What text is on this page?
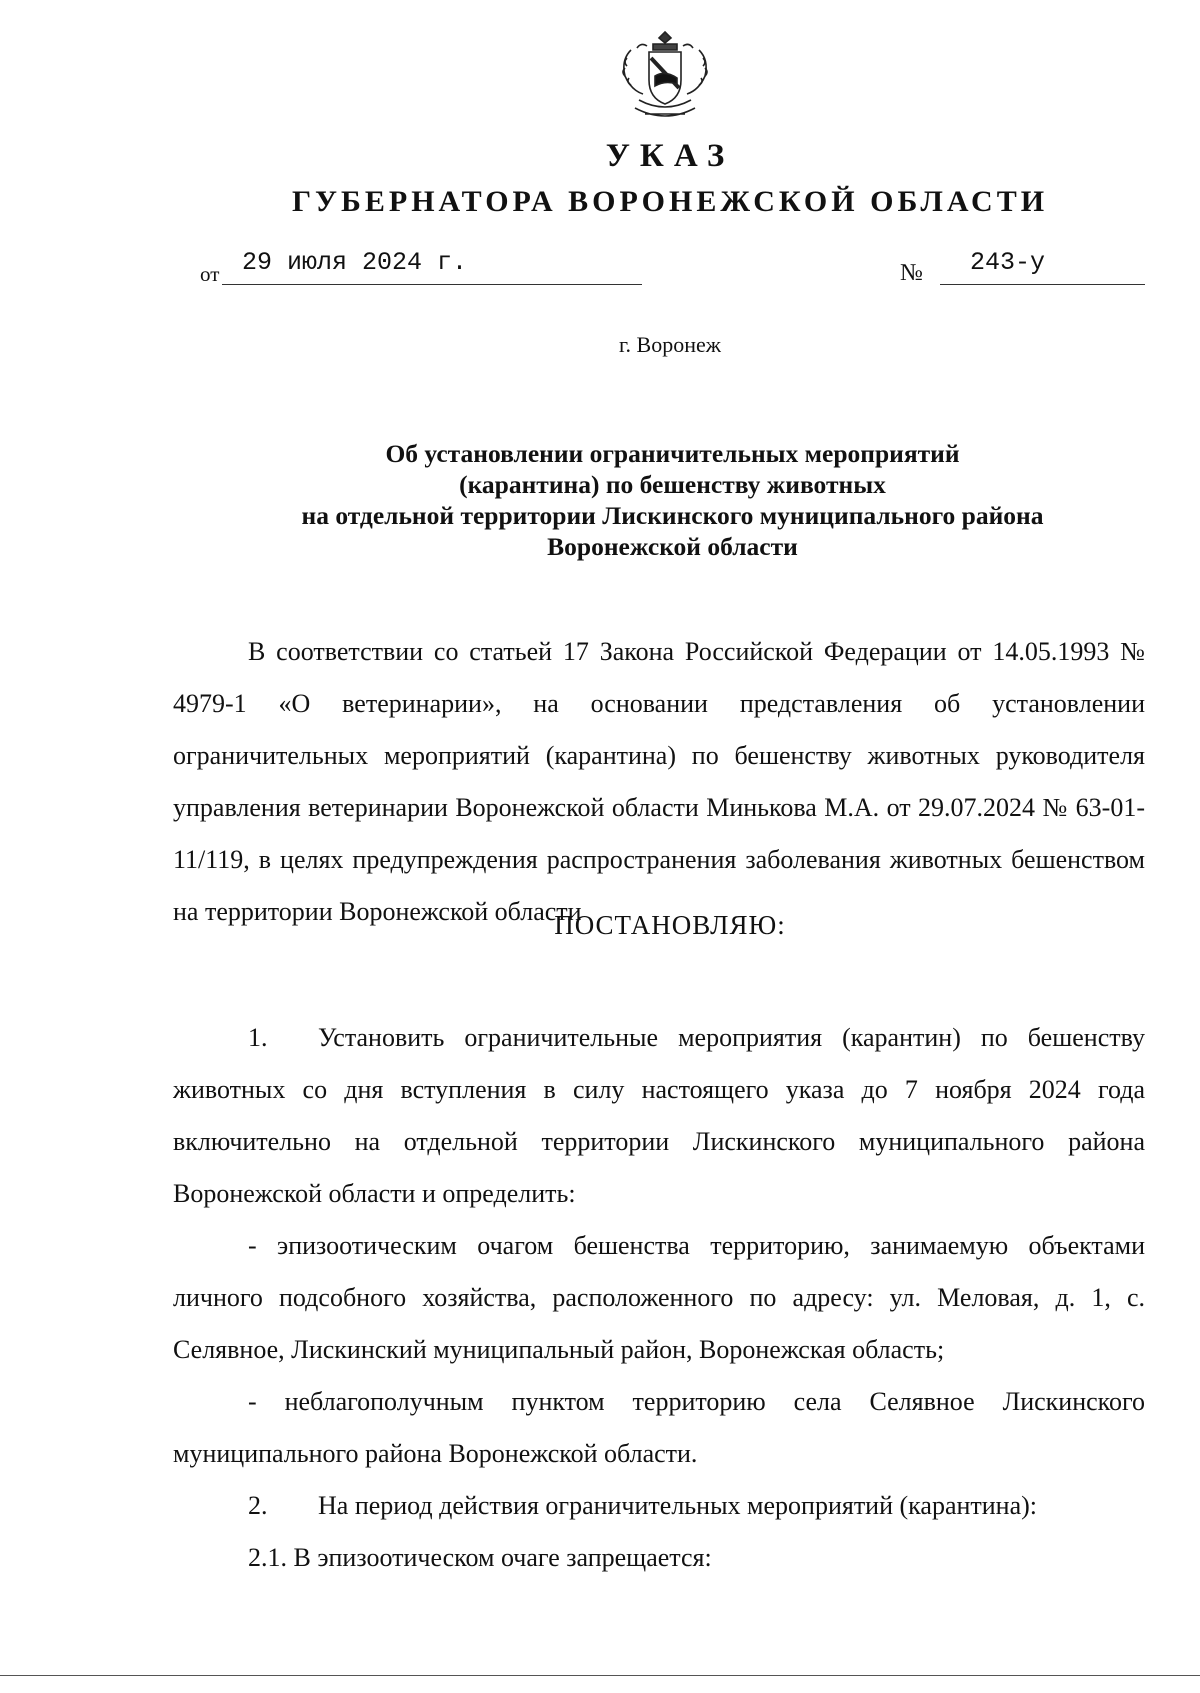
УКАЗ
ГУБЕРНАТОРА ВОРОНЕЖСКОЙ ОБЛАСТИ
от 29 июля 2024 г.	№ 243-у
г. Воронеж
Об установлении ограничительных мероприятий
(карантина) по бешенству животных
на отдельной территории Лискинского муниципального района
Воронежской области

В соответствии со статьей 17 Закона Российской Федерации от 14.05.1993 № 4979-1 «О ветеринарии», на основании представления об установлении ограничительных мероприятий (карантина) по бешенству животных руководителя управления ветеринарии Воронежской области Минькова М.А. от 29.07.2024 № 63-01-11/119, в целях предупреждения распространения заболевания животных бешенством на территории Воронежской области

ПОСТАНОВЛЯЮ:

1. Установить ограничительные мероприятия (карантин) по бешенству животных со дня вступления в силу настоящего указа до 7 ноября 2024 года включительно на отдельной территории Лискинского муниципального района Воронежской области и определить:

- эпизоотическим очагом бешенства территорию, занимаемую объектами личного подсобного хозяйства, расположенного по адресу: ул. Меловая, д. 1, с. Селявное, Лискинский муниципальный район, Воронежская область;

- неблагополучным пунктом территорию села Селявное Лискинского муниципального района Воронежской области.

2. На период действия ограничительных мероприятий (карантина):

2.1. В эпизоотическом очаге запрещается:
